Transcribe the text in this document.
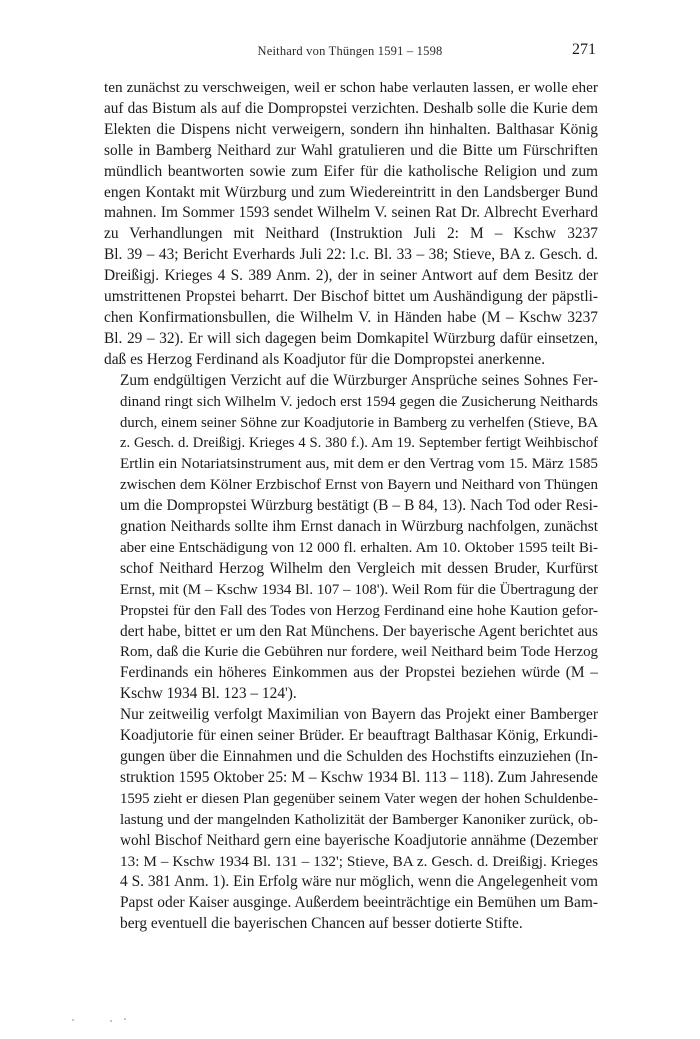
Neithard von Thüngen 1591 – 1598	271
ten zunächst zu verschweigen, weil er schon habe verlauten lassen, er wolle eher
auf das Bistum als auf die Dompropstei verzichten. Deshalb solle die Kurie dem
Elekten die Dispens nicht verweigern, sondern ihn hinhalten. Balthasar König
solle in Bamberg Neithard zur Wahl gratulieren und die Bitte um Fürschriften
mündlich beantworten sowie zum Eifer für die katholische Religion und zum
engen Kontakt mit Würzburg und zum Wiedereintritt in den Landsberger Bund
mahnen. Im Sommer 1593 sendet Wilhelm V. seinen Rat Dr. Albrecht Everhard
zu Verhandlungen mit Neithard (Instruktion Juli 2: M – Kschw 3237
Bl. 39 – 43; Bericht Everhards Juli 22: l.c. Bl. 33 – 38; Stieve, BA z. Gesch. d.
Dreißigj. Krieges 4 S. 389 Anm. 2), der in seiner Antwort auf dem Besitz der
umstrittenen Propstei beharrt. Der Bischof bittet um Aushändigung der päpstli-
chen Konfirmationsbullen, die Wilhelm V. in Händen habe (M – Kschw 3237
Bl. 29 – 32). Er will sich dagegen beim Domkapitel Würzburg dafür einsetzen,
daß es Herzog Ferdinand als Koadjutor für die Dompropstei anerkenne.
Zum endgültigen Verzicht auf die Würzburger Ansprüche seines Sohnes Fer-
dinand ringt sich Wilhelm V. jedoch erst 1594 gegen die Zusicherung Neithards
durch, einem seiner Söhne zur Koadjutorie in Bamberg zu verhelfen (Stieve, BA
z. Gesch. d. Dreißigj. Krieges 4 S. 380 f.). Am 19. September fertigt Weihbischof
Ertlin ein Notariatsinstrument aus, mit dem er den Vertrag vom 15. März 1585
zwischen dem Kölner Erzbischof Ernst von Bayern und Neithard von Thüngen
um die Dompropstei Würzburg bestätigt (B – B 84, 13). Nach Tod oder Resi-
gnation Neithards sollte ihm Ernst danach in Würzburg nachfolgen, zunächst
aber eine Entschädigung von 12 000 fl. erhalten. Am 10. Oktober 1595 teilt Bi-
schof Neithard Herzog Wilhelm den Vergleich mit dessen Bruder, Kurfürst
Ernst, mit (M – Kschw 1934 Bl. 107 – 108'). Weil Rom für die Übertragung der
Propstei für den Fall des Todes von Herzog Ferdinand eine hohe Kaution gefor-
dert habe, bittet er um den Rat Münchens. Der bayerische Agent berichtet aus
Rom, daß die Kurie die Gebühren nur fordere, weil Neithard beim Tode Herzog
Ferdinands ein höheres Einkommen aus der Propstei beziehen würde (M –
Kschw 1934 Bl. 123 – 124').
Nur zeitweilig verfolgt Maximilian von Bayern das Projekt einer Bamberger
Koadjutorie für einen seiner Brüder. Er beauftragt Balthasar König, Erkundi-
gungen über die Einnahmen und die Schulden des Hochstifts einzuziehen (In-
struktion 1595 Oktober 25: M – Kschw 1934 Bl. 113 – 118). Zum Jahresende
1595 zieht er diesen Plan gegenüber seinem Vater wegen der hohen Schuldenbe-
lastung und der mangelnden Katholizität der Bamberger Kanoniker zurück, ob-
wohl Bischof Neithard gern eine bayerische Koadjutorie annähme (Dezember
13: M – Kschw 1934 Bl. 131 – 132'; Stieve, BA z. Gesch. d. Dreißigj. Krieges
4 S. 381 Anm. 1). Ein Erfolg wäre nur möglich, wenn die Angelegenheit vom
Papst oder Kaiser ausginge. Außerdem beeinträchtige ein Bemühen um Bam-
berg eventuell die bayerischen Chancen auf besser dotierte Stifte.
